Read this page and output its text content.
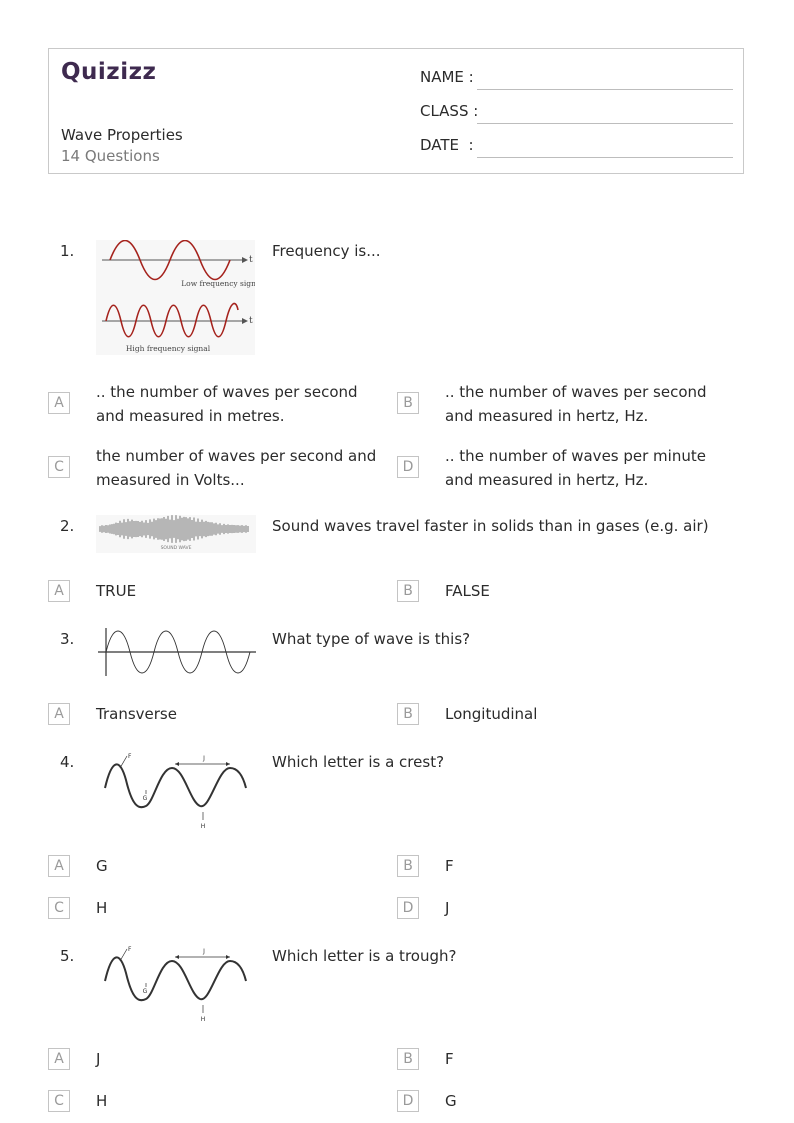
Quizizz
Wave Properties
14 Questions
NAME :
CLASS :
DATE  :
1.
Low frequency signal
t
High frequency signal
t
Frequency is...
A
.. the number of waves per second and measured in metres.
B
.. the number of waves per second and measured in hertz, Hz.
C
the number of waves per second and measured in Volts...
D
.. the number of waves per minute and measured in hertz, Hz.
2.
SOUND WAVE
Sound waves travel faster in solids than in gases (e.g. air)
A	TRUE	B	FALSE
3.	What type of wave is this?
A	Transverse	B	Longitudinal
4.	F
G
H
J	Which letter is a crest?
A	G	B	F
C	H	D	J
5.	F
G
H
J	Which letter is a trough?
A	J	B	F
C	H	D	G
